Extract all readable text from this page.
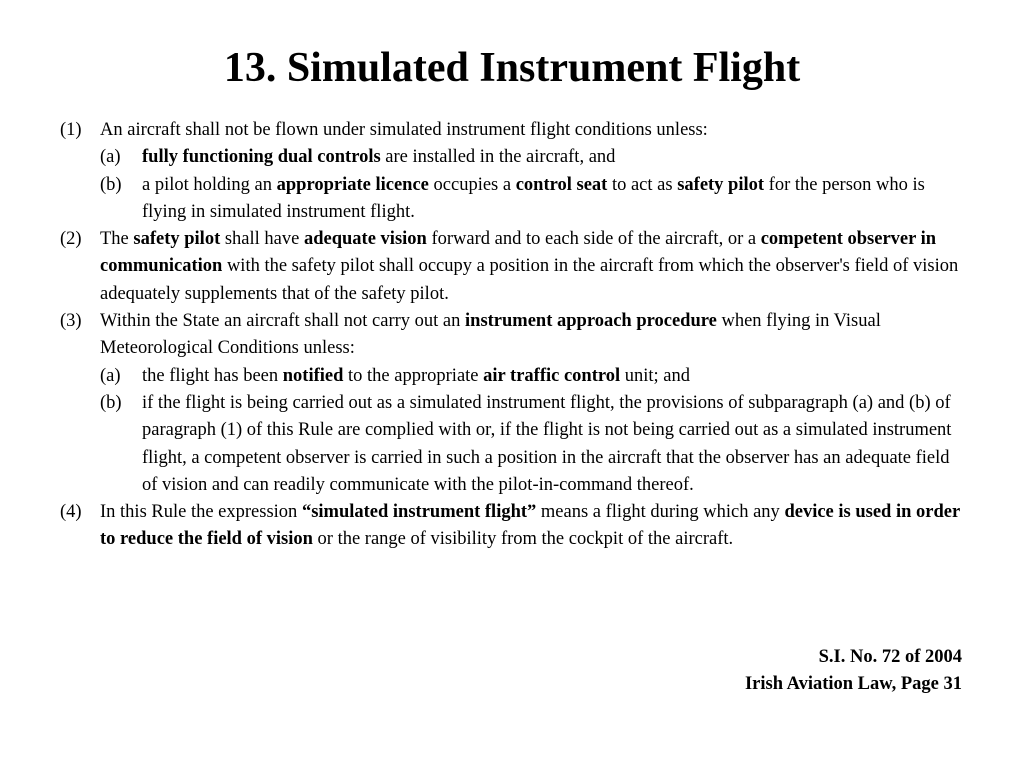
13. Simulated Instrument Flight
(1) An aircraft shall not be flown under simulated instrument flight conditions unless:
(a) fully functioning dual controls are installed in the aircraft, and
(b) a pilot holding an appropriate licence occupies a control seat to act as safety pilot for the person who is flying in simulated instrument flight.
(2) The safety pilot shall have adequate vision forward and to each side of the aircraft, or a competent observer in communication with the safety pilot shall occupy a position in the aircraft from which the observer's field of vision adequately supplements that of the safety pilot.
(3) Within the State an aircraft shall not carry out an instrument approach procedure when flying in Visual Meteorological Conditions unless:
(a) the flight has been notified to the appropriate air traffic control unit; and
(b) if the flight is being carried out as a simulated instrument flight, the provisions of subparagraph (a) and (b) of paragraph (1) of this Rule are complied with or, if the flight is not being carried out as a simulated instrument flight, a competent observer is carried in such a position in the aircraft that the observer has an adequate field of vision and can readily communicate with the pilot-in-command thereof.
(4) In this Rule the expression “simulated instrument flight” means a flight during which any device is used in order to reduce the field of vision or the range of visibility from the cockpit of the aircraft.
S.I. No. 72 of 2004
Irish Aviation Law, Page 31
